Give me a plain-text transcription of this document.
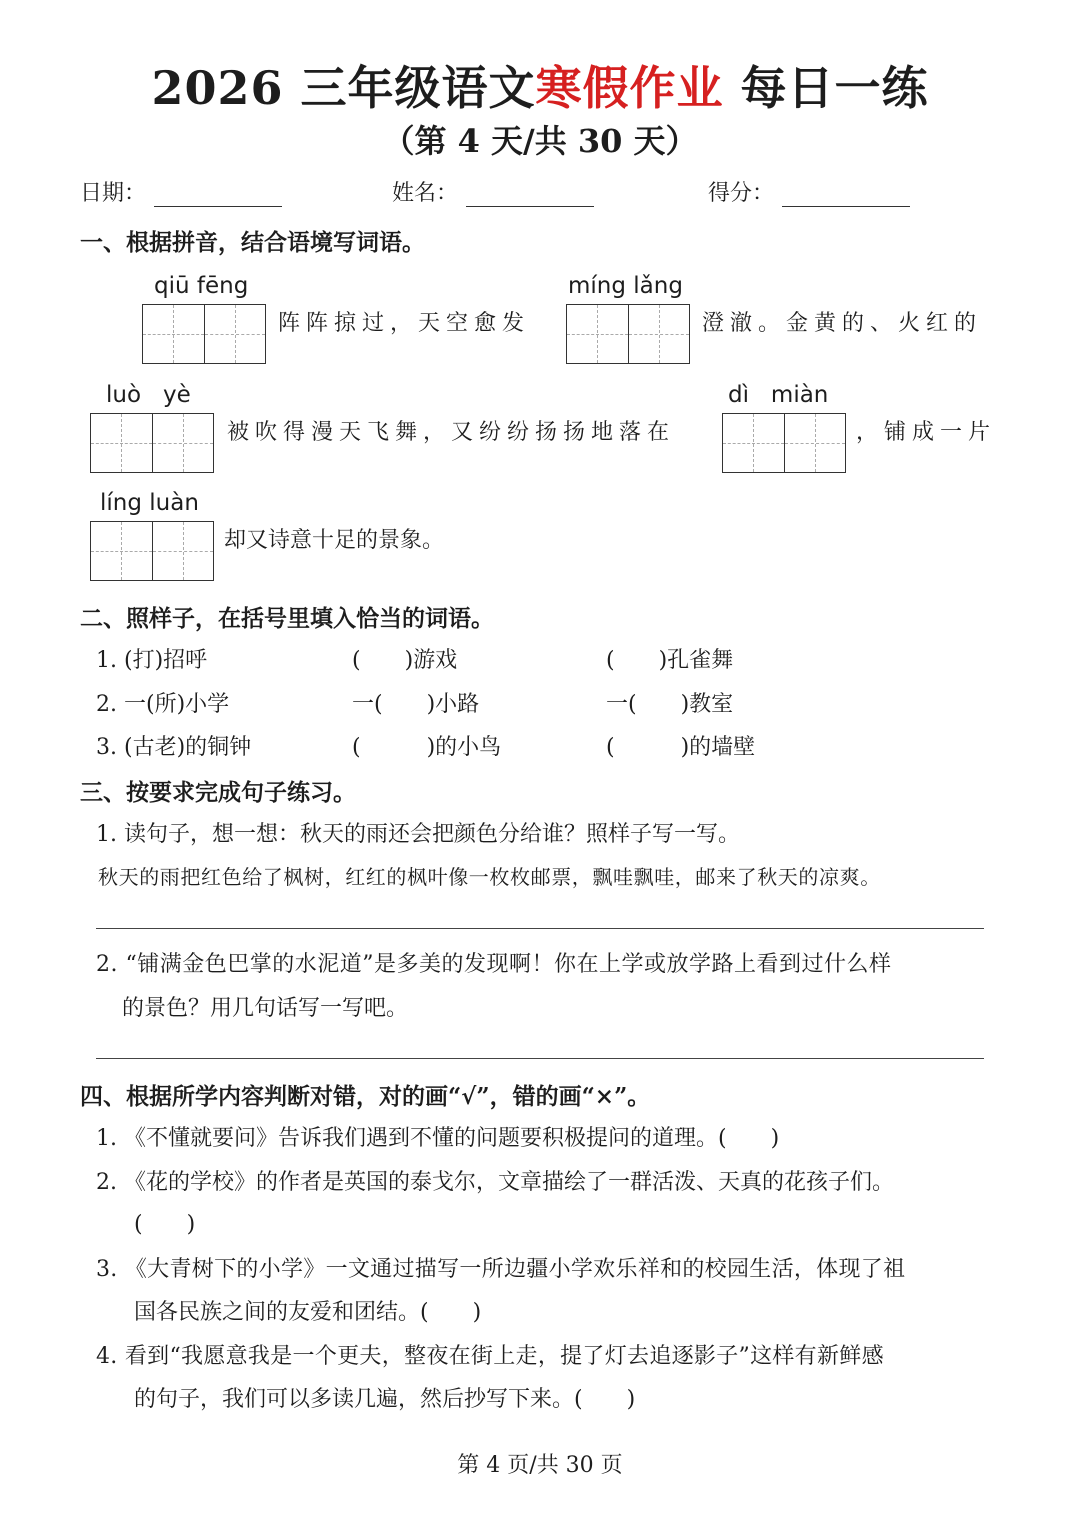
2026 三年级语文寒假作业 每日一练
（第 4 天/共 30 天）
日期：	姓名：	得分：
一、根据拼音，结合语境写词语。
qiū fēng
阵阵掠过，天空愈发
míng lǎng
澄澈。金黄的、火红的
luò   yè
被吹得漫天飞舞，又纷纷扬扬地落在
dì   miàn
，铺成一片
líng luàn
却又诗意十足的景象。
二、照样子，在括号里填入恰当的词语。
1. (打)招呼	(　　)游戏	(　　)孔雀舞
2. 一(所)小学	一(　　)小路	一(　　)教室
3. (古老)的铜钟	(　　　)的小鸟	(　　　)的墙壁
三、按要求完成句子练习。
1. 读句子，想一想：秋天的雨还会把颜色分给谁？照样子写一写。
秋天的雨把红色给了枫树，红红的枫叶像一枚枚邮票，飘哇飘哇，邮来了秋天的凉爽。
2. “铺满金色巴掌的水泥道”是多美的发现啊！你在上学或放学路上看到过什么样
的景色？用几句话写一写吧。
四、根据所学内容判断对错，对的画“√”，错的画“×”。
1. 《不懂就要问》告诉我们遇到不懂的问题要积极提问的道理。(　　)
2. 《花的学校》的作者是英国的泰戈尔，文章描绘了一群活泼、天真的花孩子们。
(　　)
3. 《大青树下的小学》一文通过描写一所边疆小学欢乐祥和的校园生活，体现了祖
国各民族之间的友爱和团结。(　　)
4. 看到“我愿意我是一个更夫，整夜在街上走，提了灯去追逐影子”这样有新鲜感
的句子，我们可以多读几遍，然后抄写下来。(　　)
第 4 页/共 30 页
